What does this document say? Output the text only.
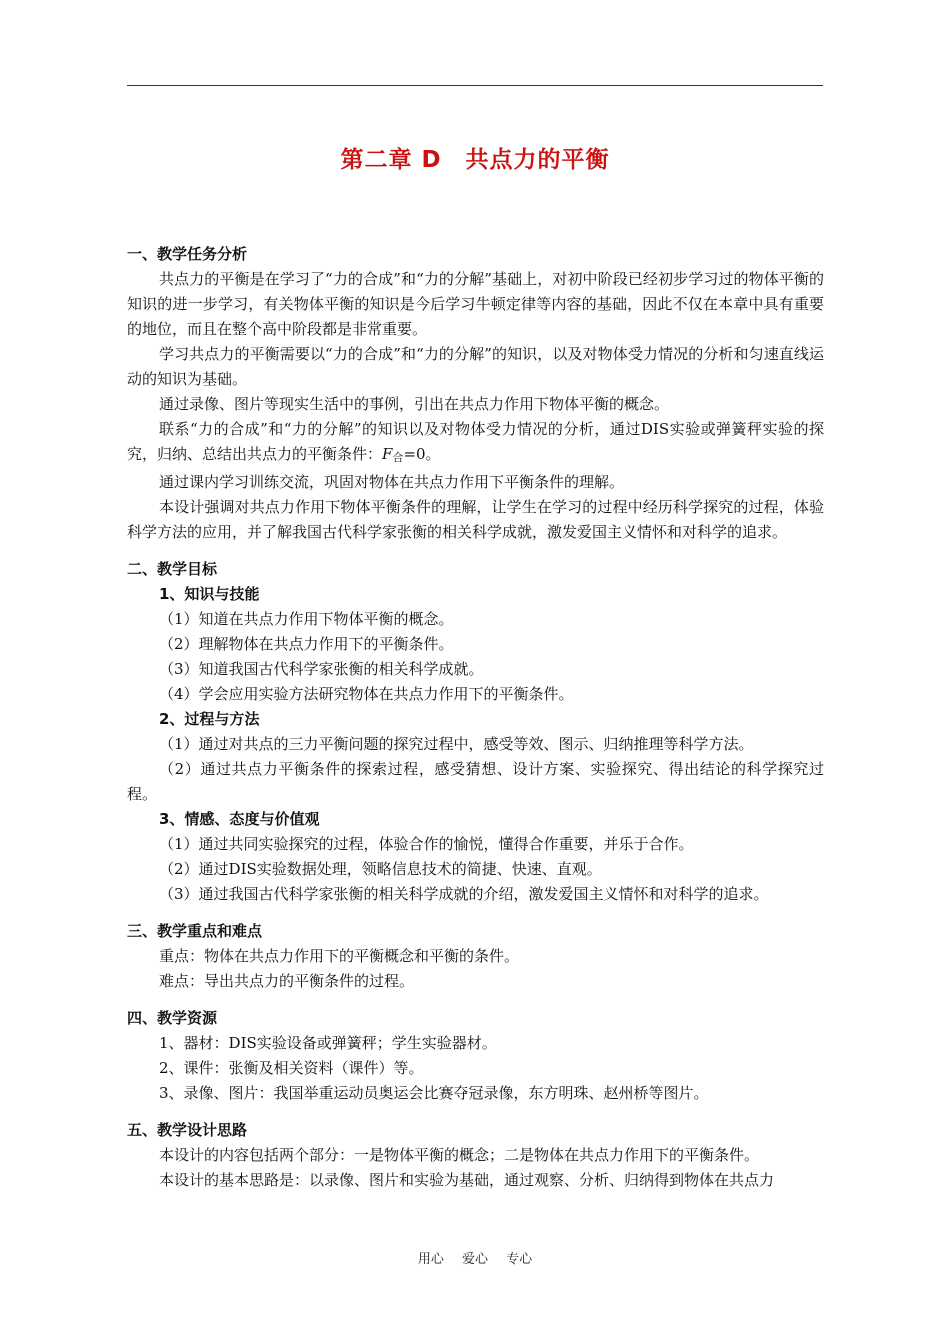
第二章 D　共点力的平衡
一、教学任务分析
共点力的平衡是在学习了“力的合成”和“力的分解”基础上，对初中阶段已经初步学习过的物体平衡的知识的进一步学习，有关物体平衡的知识是今后学习牛顿定律等内容的基础，因此不仅在本章中具有重要的地位，而且在整个高中阶段都是非常重要。
学习共点力的平衡需要以“力的合成”和“力的分解”的知识，以及对物体受力情况的分析和匀速直线运动的知识为基础。
通过录像、图片等现实生活中的事例，引出在共点力作用下物体平衡的概念。
联系“力的合成”和“力的分解”的知识以及对物体受力情况的分析，通过DIS实验或弹簧秤实验的探究，归纳、总结出共点力的平衡条件：F合=0。
通过课内学习训练交流，巩固对物体在共点力作用下平衡条件的理解。
本设计强调对共点力作用下物体平衡条件的理解，让学生在学习的过程中经历科学探究的过程，体验科学方法的应用，并了解我国古代科学家张衡的相关科学成就，激发爱国主义情怀和对科学的追求。
二、教学目标
1、知识与技能
（1）知道在共点力作用下物体平衡的概念。
（2）理解物体在共点力作用下的平衡条件。
（3）知道我国古代科学家张衡的相关科学成就。
（4）学会应用实验方法研究物体在共点力作用下的平衡条件。
2、过程与方法
（1）通过对共点的三力平衡问题的探究过程中，感受等效、图示、归纳推理等科学方法。
（2）通过共点力平衡条件的探索过程，感受猜想、设计方案、实验探究、得出结论的科学探究过程。
3、情感、态度与价值观
（1）通过共同实验探究的过程，体验合作的愉悦，懂得合作重要，并乐于合作。
（2）通过DIS实验数据处理，领略信息技术的简捷、快速、直观。
（3）通过我国古代科学家张衡的相关科学成就的介绍，激发爱国主义情怀和对科学的追求。
三、教学重点和难点
重点：物体在共点力作用下的平衡概念和平衡的条件。
难点：导出共点力的平衡条件的过程。
四、教学资源
1、器材：DIS实验设备或弹簧秤；学生实验器材。
2、课件：张衡及相关资料（课件）等。
3、录像、图片：我国举重运动员奥运会比赛夺冠录像，东方明珠、赵州桥等图片。
五、教学设计思路
本设计的内容包括两个部分：一是物体平衡的概念；二是物体在共点力作用下的平衡条件。
本设计的基本思路是：以录像、图片和实验为基础，通过观察、分析、归纳得到物体在共点力
用心 爱心 专心
